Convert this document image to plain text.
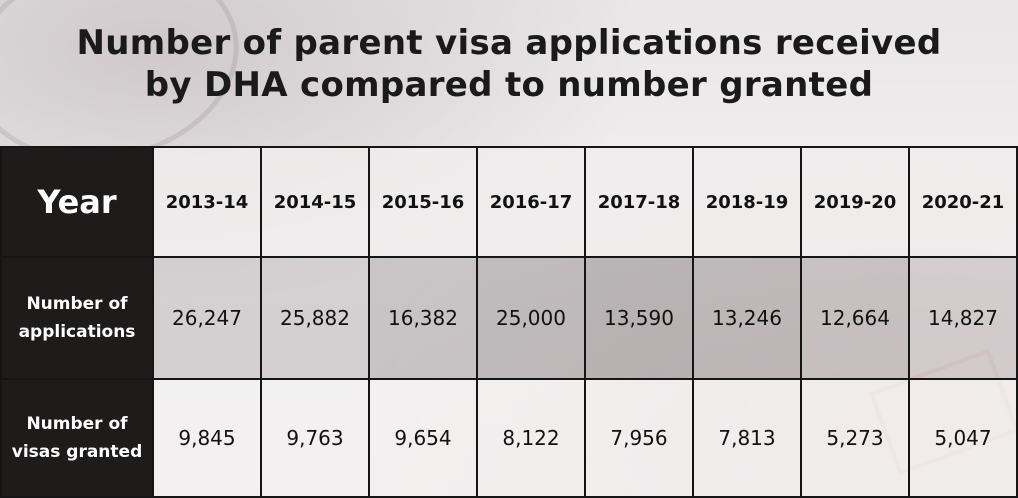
Number of parent visa applications received
by DHA compared to number granted
Year	2013-14	2014-15	2015-16	2016-17	2017-18	2018-19	2019-20	2020-21

Number of
applications	26,247	25,882	16,382	25,000	13,590	13,246	12,664	14,827

Number of
visas granted	9,845	9,763	9,654	8,122	7,956	7,813	5,273	5,047
